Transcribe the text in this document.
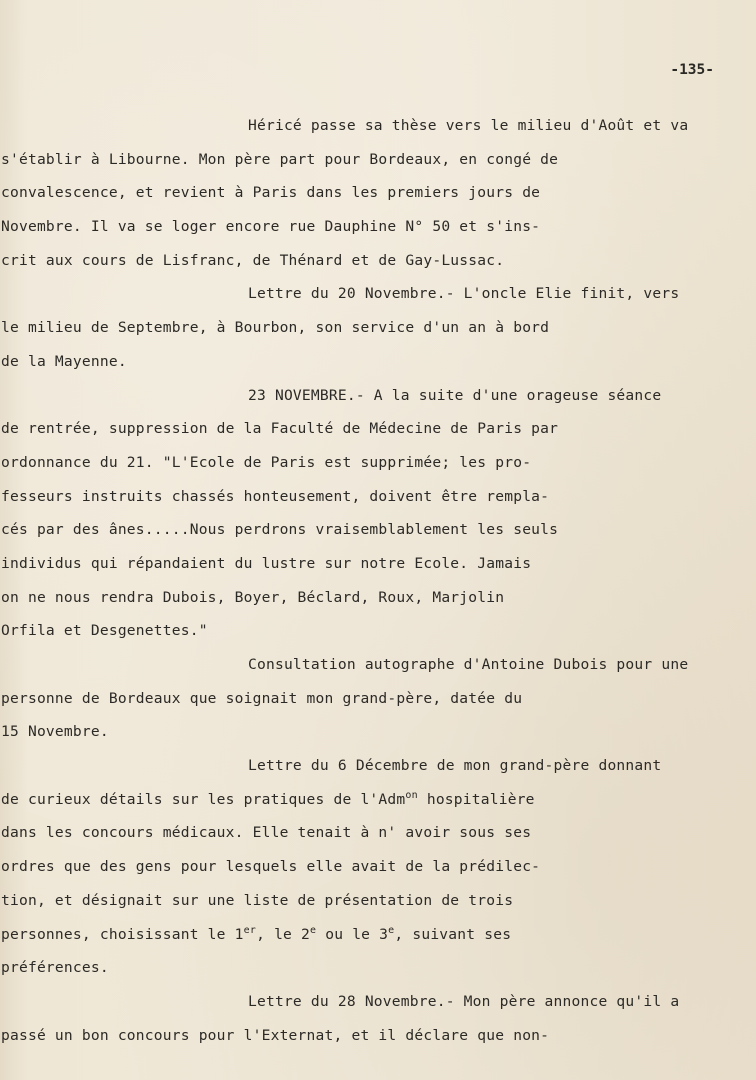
-135-
Héricé passe sa thèse vers le milieu d'Août et va
s'établir à Libourne. Mon père part pour Bordeaux, en congé de
convalescence, et revient à Paris dans les premiers jours de
Novembre. Il va se loger encore rue Dauphine N° 50 et s'ins-
crit aux cours de Lisfranc, de Thénard et de Gay-Lussac.
Lettre du 20 Novembre.- L'oncle Elie finit, vers
le milieu de Septembre, à Bourbon, son service d'un an à bord
de la Mayenne.
23 NOVEMBRE.- A la suite d'une orageuse séance
de rentrée, suppression de la Faculté de Médecine de Paris par
ordonnance du 21. "L'Ecole de Paris est supprimée; les pro-
fesseurs instruits chassés honteusement, doivent être rempla-
cés par des ânes.....Nous perdrons vraisemblablement les seuls
individus qui répandaient du lustre sur notre Ecole. Jamais
on ne nous rendra Dubois, Boyer, Béclard, Roux, Marjolin
Orfila et Desgenettes."
Consultation autographe d'Antoine Dubois pour une
personne de Bordeaux que soignait mon grand-père, datée du
15 Novembre.
Lettre du 6 Décembre de mon grand-père donnant
de curieux détails sur les pratiques de l'Adm$^{on}$ hospitalière
dans les concours médicaux. Elle tenait à n' avoir sous ses
ordres que des gens pour lesquels elle avait de la prédilec-
tion, et désignait sur une liste de présentation de trois
personnes, choisissant le 1er, le 2e ou le 3e, suivant ses
préférences.
Lettre du 28 Novembre.- Mon père annonce qu'il a
passé un bon concours pour l'Externat, et il déclare que non-
